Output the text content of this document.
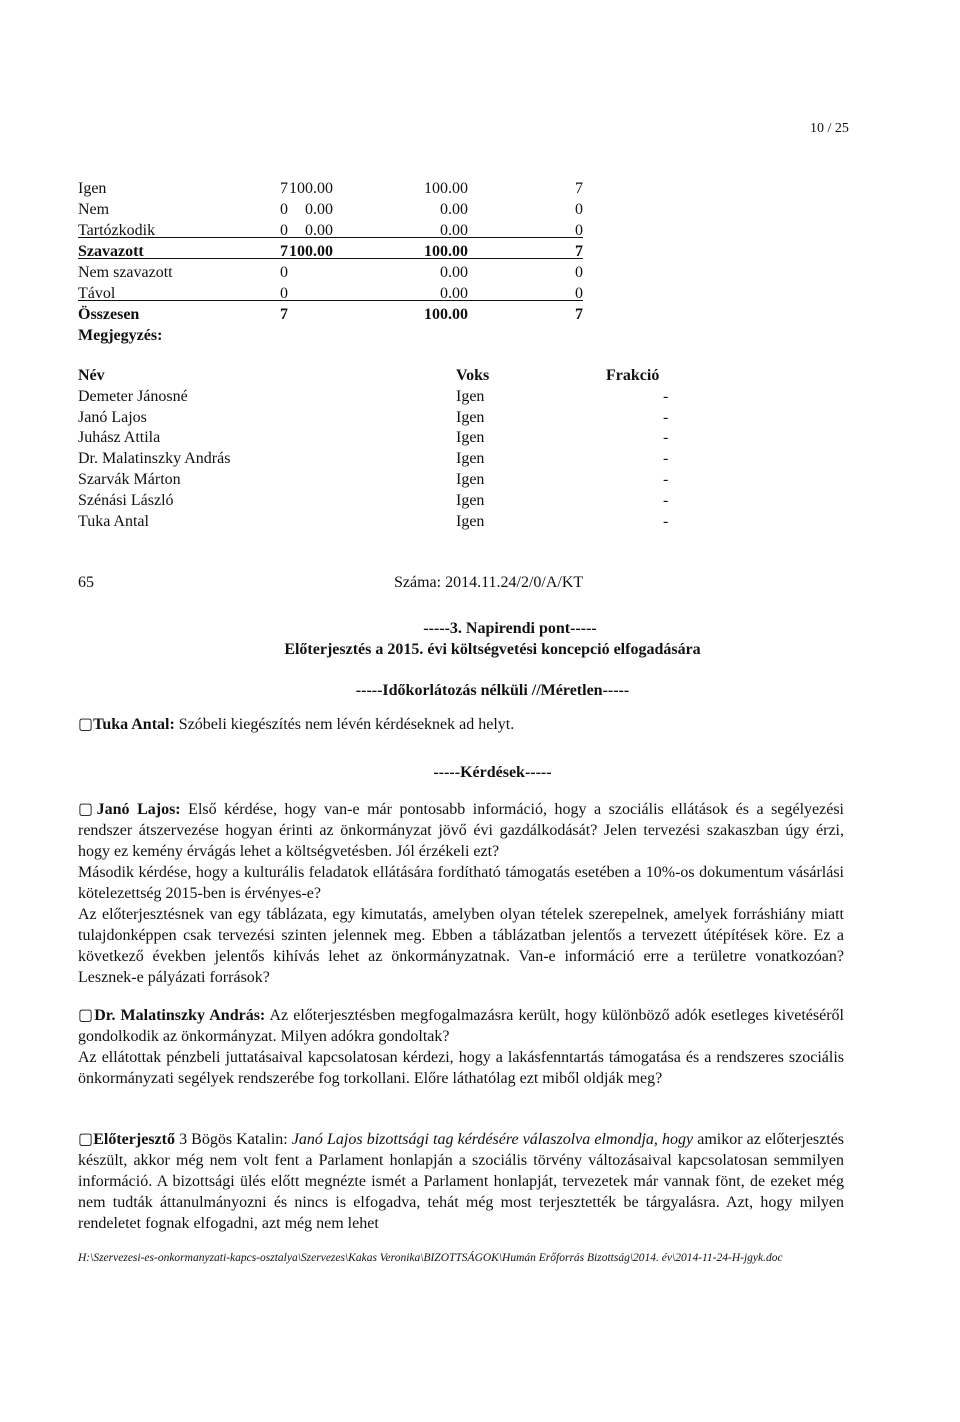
10 / 25
Igen	7 100.00	100.00	7
Nem	0 0.00	0.00	0
Tartózkodik	0 0.00	0.00	0
Szavazott	7 100.00	100.00	7
Nem szavazott	0	0.00	0
Távol	0	0.00	0
Összesen	7	100.00	7
Megjegyzés:
Név	Voks	Frakció
Demeter Jánosné	Igen	-
Janó Lajos	Igen	-
Juhász Attila	Igen	-
Dr. Malatinszky András	Igen	-
Szarvák Márton	Igen	-
Szénási László	Igen	-
Tuka Antal	Igen	-
65	Száma: 2014.11.24/2/0/A/KT
-----3. Napirendi pont-----
Előterjesztés a 2015. évi költségvetési koncepció elfogadására
-----Időkorlátozás nélküli //Méretlen-----
▢Tuka Antal: Szóbeli kiegészítés nem lévén kérdéseknek ad helyt.
-----Kérdések-----
▢Janó Lajos: Első kérdése, hogy van-e már pontosabb információ, hogy a szociális ellátások és a segélyezési rendszer átszervezése hogyan érinti az önkormányzat jövő évi gazdálkodását? Jelen tervezési szakaszban úgy érzi, hogy ez kemény érvágás lehet a költségvetésben. Jól érzékeli ezt?
Második kérdése, hogy a kulturális feladatok ellátására fordítható támogatás esetében a 10%-os dokumentum vásárlási kötelezettség 2015-ben is érvényes-e?
Az előterjesztésnek van egy táblázata, egy kimutatás, amelyben olyan tételek szerepelnek, amelyek forráshiány miatt tulajdonképpen csak tervezési szinten jelennek meg. Ebben a táblázatban jelentős a tervezett útépítések köre. Ez a következő években jelentős kihívás lehet az önkormányzatnak. Van-e információ erre a területre vonatkozóan? Lesznek-e pályázati források?
▢Dr. Malatinszky András: Az előterjesztésben megfogalmazásra került, hogy különböző adók esetleges kivetéséről gondolkodik az önkormányzat. Milyen adókra gondoltak?
Az ellátottak pénzbeli juttatásaival kapcsolatosan kérdezi, hogy a lakásfenntartás támogatása és a rendszeres szociális önkormányzati segélyek rendszerébe fog torkollani. Előre láthatólag ezt miből oldják meg?
▢Előterjesztő 3 Bögös Katalin: Janó Lajos bizottsági tag kérdésére válaszolva elmondja, hogy amikor az előterjesztés készült, akkor még nem volt fent a Parlament honlapján a szociális törvény változásaival kapcsolatosan semmilyen információ. A bizottsági ülés előtt megnézte ismét a Parlament honlapját, tervezetek már vannak fönt, de ezeket még nem tudták áttanulmányozni és nincs is elfogadva, tehát még most terjesztették be tárgyalásra. Azt, hogy milyen rendeletet fognak elfogadni, azt még nem lehet
H:\Szervezesi-es-onkormanyzati-kapcs-osztalya\Szervezes\Kakas Veronika\BIZOTTSÁGOK\Humán Erőforrás Bizottság\2014. év\2014-11-24-H-jgyk.doc
